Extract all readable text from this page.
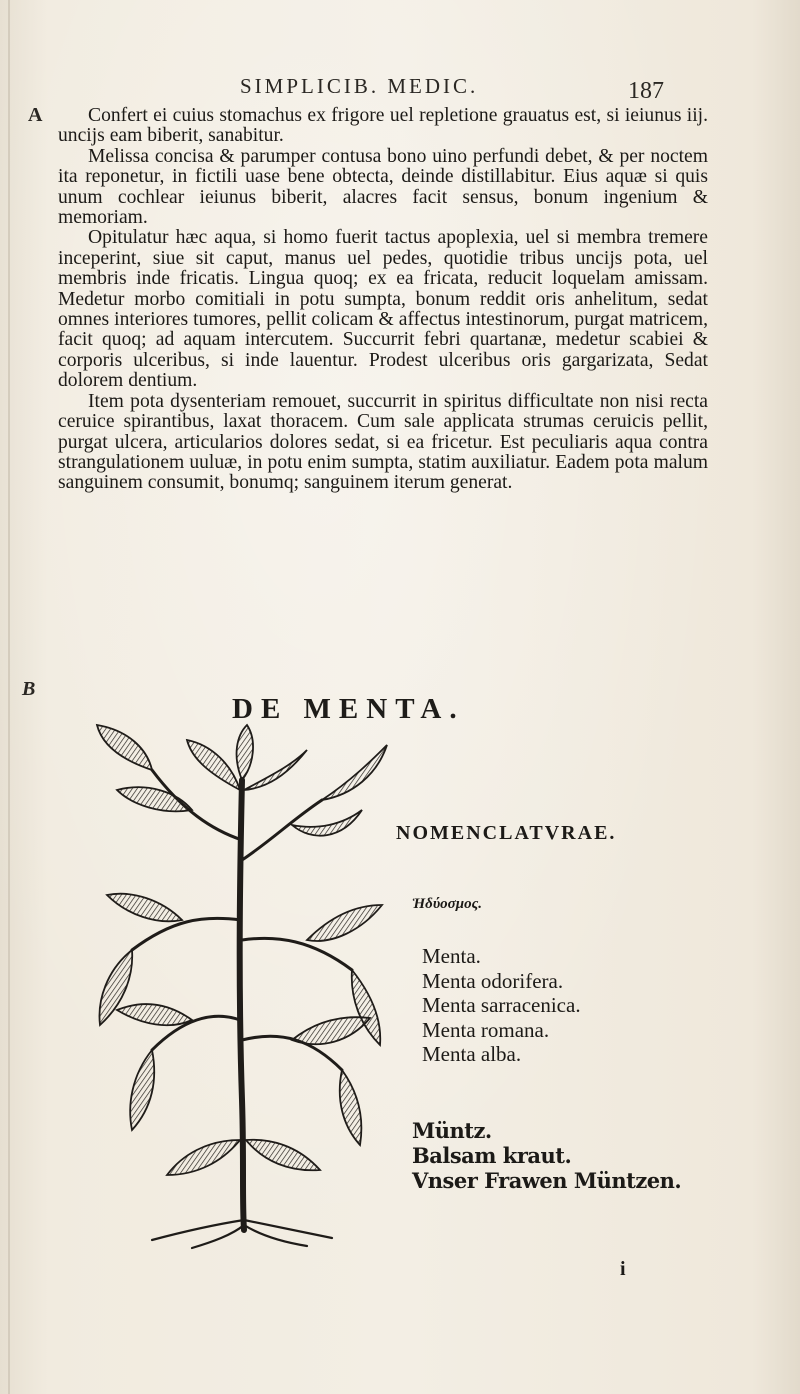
SIMPLICIB. MEDIC.	187
A
B

Confert ei cuius stomachus ex frigore uel repletione grauatus est, si ieiunus iij. uncijs eam biberit, sanabitur.

Melissa concisa & parumper contusa bono uino perfundi debet, & per noctem ita reponetur, in fictili uase bene obtecta, deinde distillabitur. Eius aquæ si quis unum cochlear ieiunus biberit, alacres facit sensus, bonum ingenium & memoriam.

Opitulatur hæc aqua, si homo fuerit tactus apoplexia, uel si membra tremere inceperint, siue sit caput, manus uel pedes, quotidie tribus uncijs pota, uel membris inde fricatis. Lingua quoq; ex ea fricata, reducit loquelam amissam. Medetur morbo comitiali in potu sumpta, bonum reddit oris anhelitum, sedat omnes interiores tumores, pellit colicam & affectus intestinorum, purgat matricem, facit quoq; ad aquam intercutem. Succurrit febri quartanæ, medetur scabiei & corporis ulceribus, si inde lauentur. Prodest ulceribus oris gargarizata, Sedat dolorem dentium.

Item pota dysenteriam remouet, succurrit in spiritus difficultate non nisi recta ceruice spirantibus, laxat thoracem. Cum sale applicata strumas ceruicis pellit, purgat ulcera, articularios dolores sedat, si ea fricetur. Est peculiaris aqua contra strangulationem uuluæ, in potu enim sumpta, statim auxiliatur. Eadem pota malum sanguinem consumit, bonumq; sanguinem iterum generat.

DE MENTA.
NOMENCLATVRAE.
Ἡδύοσμος.
Menta.
Menta odorifera.
Menta sarracenica.
Menta romana.
Menta alba.
Müntz.
Balsam kraut.
Vnser Frawen Müntzen.
i
